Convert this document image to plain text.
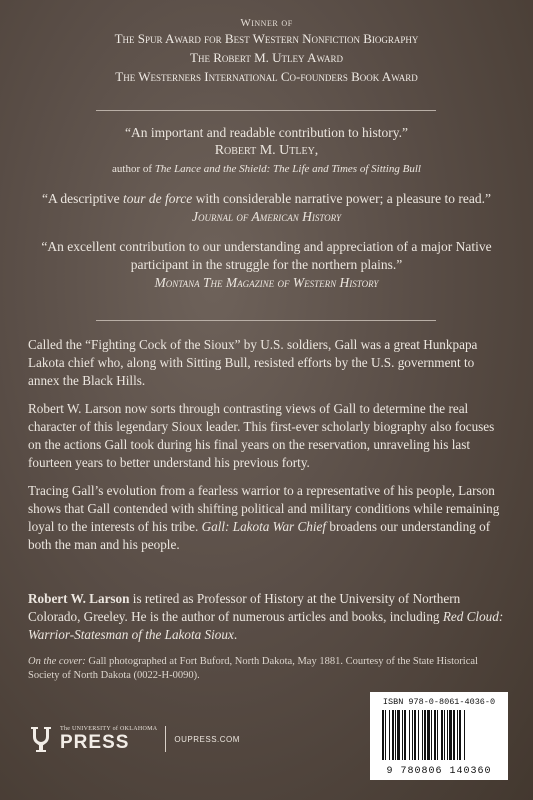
Winner of
The Spur Award for Best Western Nonfiction Biography
The Robert M. Utley Award
The Westerners International Co-founders Book Award
“An important and readable contribution to history.”
Robert M. Utley,
author of The Lance and the Shield: The Life and Times of Sitting Bull
“A descriptive tour de force with considerable narrative power; a pleasure to read.”
Journal of American History
“An excellent contribution to our understanding and appreciation of a major Native participant in the struggle for the northern plains.”
Montana The Magazine of Western History

Called the “Fighting Cock of the Sioux” by U.S. soldiers, Gall was a great Hunkpapa Lakota chief who, along with Sitting Bull, resisted efforts by the U.S. government to annex the Black Hills.

Robert W. Larson now sorts through contrasting views of Gall to determine the real character of this legendary Sioux leader. This first-ever scholarly biography also focuses on the actions Gall took during his final years on the reservation, unraveling his last fourteen years to better understand his previous forty.

Tracing Gall’s evolution from a fearless warrior to a representative of his people, Larson shows that Gall contended with shifting political and military conditions while remaining loyal to the interests of his tribe. Gall: Lakota War Chief broadens our understanding of both the man and his people.

Robert W. Larson is retired as Professor of History at the University of Northern Colorado, Greeley. He is the author of numerous articles and books, including Red Cloud: Warrior-Statesman of the Lakota Sioux.
On the cover: Gall photographed at Fort Buford, North Dakota, May 1881. Courtesy of the State Historical Society of North Dakota (0022-H-0090).
The UNIVERSITY of OKLAHOMA
PRESS	OUPRESS.COM
ISBN 978-0-8061-4036-0
9 780806 140360
